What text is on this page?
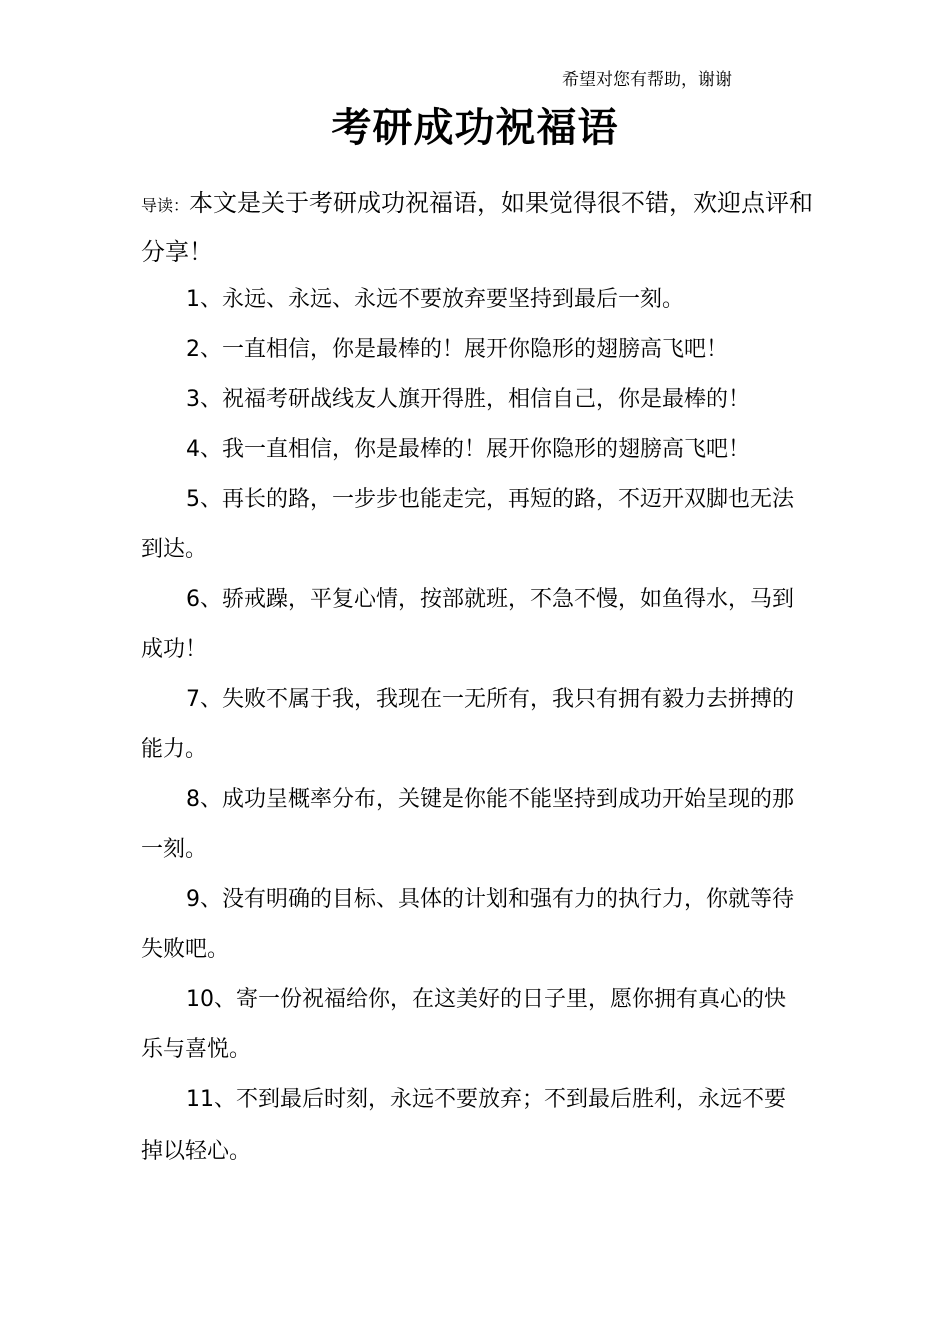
希望对您有帮助，谢谢
考研成功祝福语

导读：本文是关于考研成功祝福语，如果觉得很不错，欢迎点评和分享！

1、永远、永远、永远不要放弃要坚持到最后一刻。

2、一直相信，你是最棒的！展开你隐形的翅膀高飞吧！

3、祝福考研战线友人旗开得胜，相信自己，你是最棒的！

4、我一直相信，你是最棒的！展开你隐形的翅膀高飞吧！

5、再长的路，一步步也能走完，再短的路，不迈开双脚也无法到达。

6、骄戒躁，平复心情，按部就班，不急不慢，如鱼得水，马到成功！

7、失败不属于我，我现在一无所有，我只有拥有毅力去拼搏的能力。

8、成功呈概率分布，关键是你能不能坚持到成功开始呈现的那一刻。

9、没有明确的目标、具体的计划和强有力的执行力，你就等待失败吧。

10、寄一份祝福给你，在这美好的日子里，愿你拥有真心的快乐与喜悦。

11、不到最后时刻，永远不要放弃；不到最后胜利，永远不要

掉以轻心。
